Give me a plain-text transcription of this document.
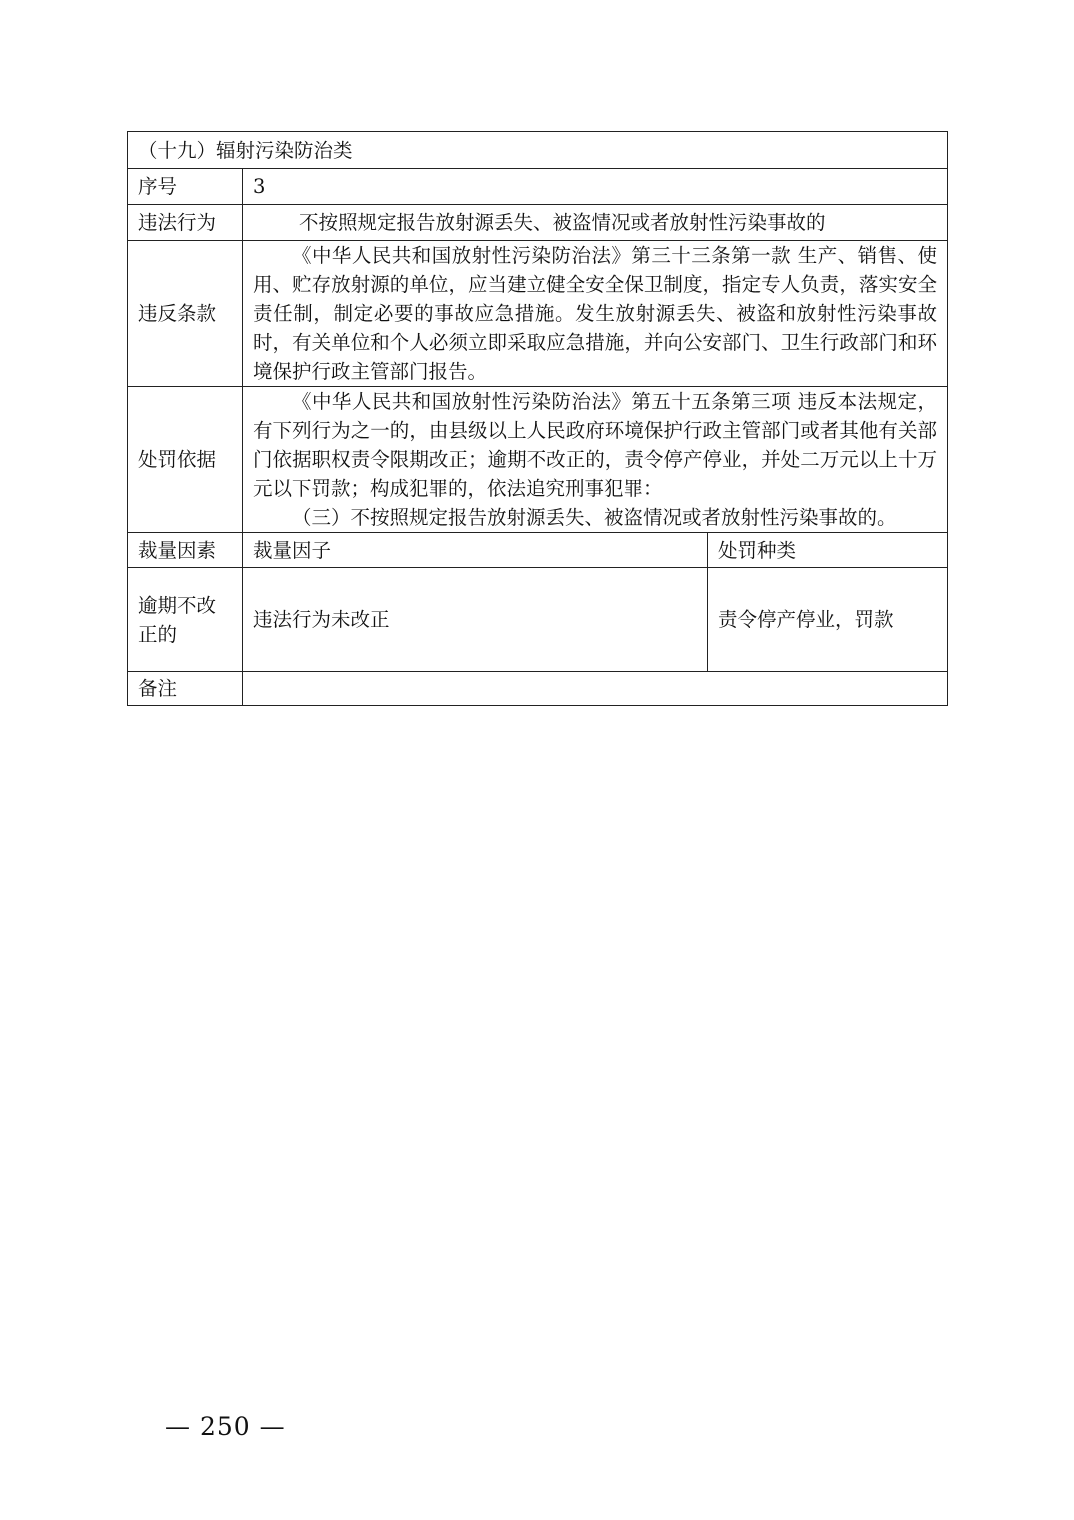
（十九）辐射污染防治类		
序号	3	
违法行为	不按照规定报告放射源丢失、被盗情况或者放射性污染事故的	
违反条款	《中华人民共和国放射性污染防治法》第三十三条第一款 生产、销售、使用、贮存放射源的单位，应当建立健全安全保卫制度，指定专人负责，落实安全责任制，制定必要的事故应急措施。发生放射源丢失、被盗和放射性污染事故时，有关单位和个人必须立即采取应急措施，并向公安部门、卫生行政部门和环境保护行政主管部门报告。	
处罚依据	《中华人民共和国放射性污染防治法》第五十五条第三项 违反本法规定，有下列行为之一的，由县级以上人民政府环境保护行政主管部门或者其他有关部门依据职权责令限期改正；逾期不改正的，责令停产停业，并处二万元以上十万元以下罚款；构成犯罪的，依法追究刑事犯罪：
（三）不按照规定报告放射源丢失、被盗情况或者放射性污染事故的。	

裁量因素	裁量因子	处罚种类
逾期不改正的	违法行为未改正	责令停产停业，罚款
备注		
— 250 —
